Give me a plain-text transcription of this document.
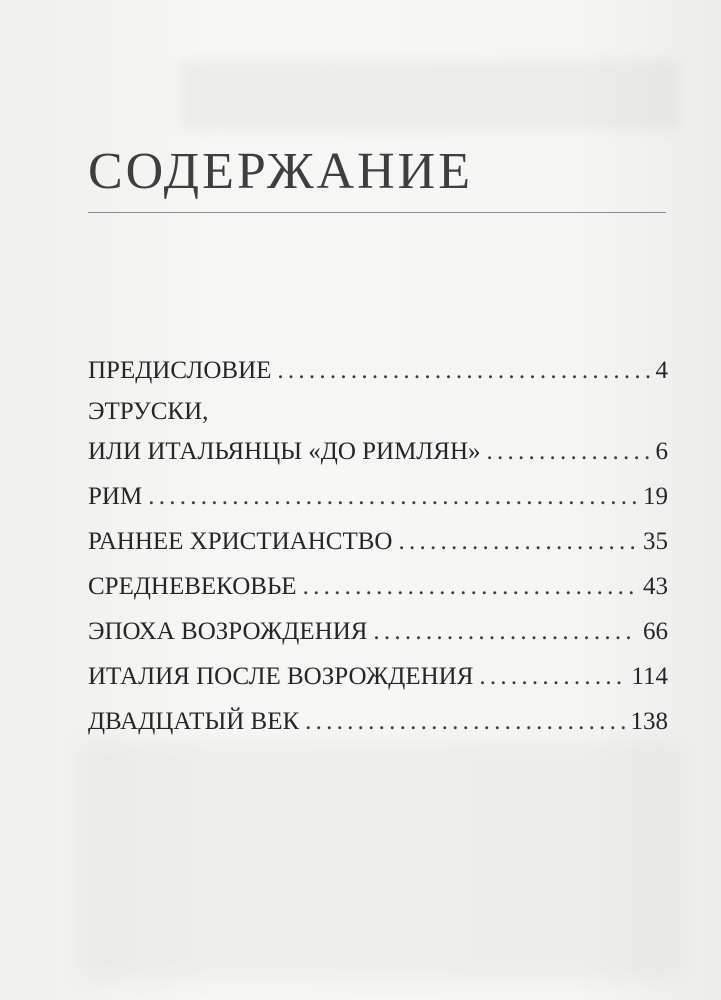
СОДЕРЖАНИЕ
ПРЕДИСЛОВИЕ . . .	4
ЭТРУСКИ,
ИЛИ ИТАЛЬЯНЦЫ «ДО РИМЛЯН» . . .	6
РИМ . . .	19
РАННЕЕ ХРИСТИАНСТВО . . .	35
СРЕДНЕВЕКОВЬЕ . . .	43
ЭПОХА ВОЗРОЖДЕНИЯ . . .	66
ИТАЛИЯ ПОСЛЕ ВОЗРОЖДЕНИЯ . . .	114
ДВАДЦАТЫЙ ВЕК . . .	138
